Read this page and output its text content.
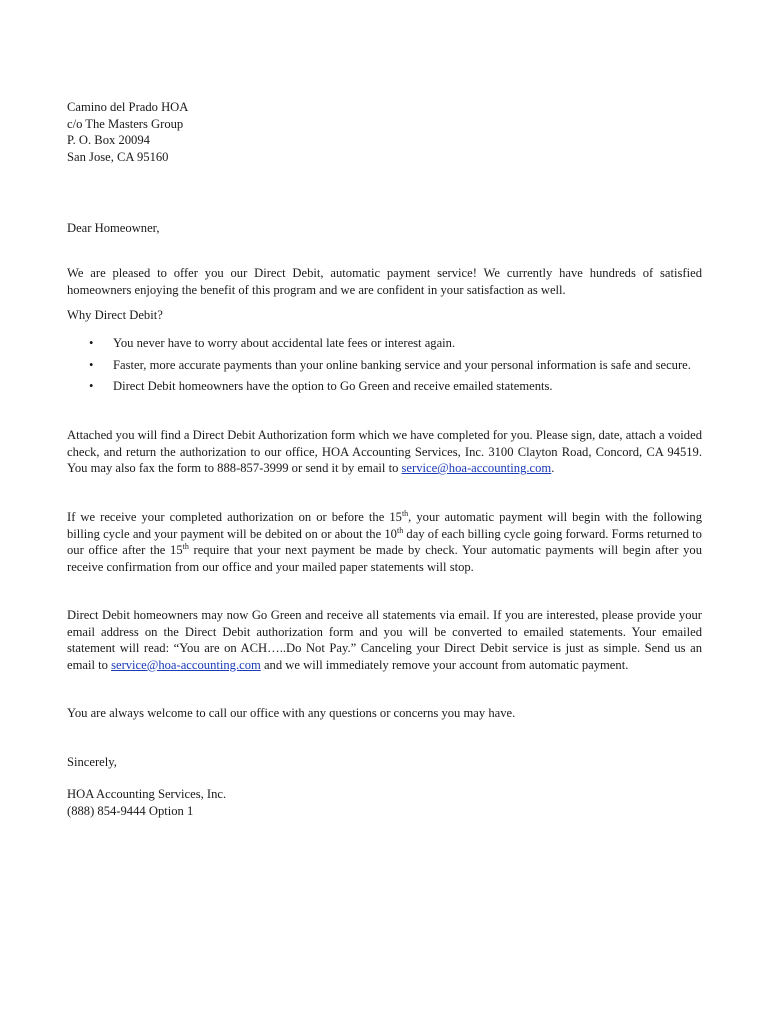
Camino del Prado HOA
c/o The Masters Group
P. O. Box 20094
San Jose, CA 95160

Dear Homeowner,

We are pleased to offer you our Direct Debit, automatic payment service! We currently have hundreds of satisfied homeowners enjoying the benefit of this program and we are confident in your satisfaction as well.

Why Direct Debit?

• You never have to worry about accidental late fees or interest again.
• Faster, more accurate payments than your online banking service and your personal information is safe and secure.
• Direct Debit homeowners have the option to Go Green and receive emailed statements.

Attached you will find a Direct Debit Authorization form which we have completed for you. Please sign, date, attach a voided check, and return the authorization to our office, HOA Accounting Services, Inc. 3100 Clayton Road, Concord, CA 94519. You may also fax the form to 888-857-3999 or send it by email to service@hoa-accounting.com.

If we receive your completed authorization on or before the 15th, your automatic payment will begin with the following billing cycle and your payment will be debited on or about the 10th day of each billing cycle going forward. Forms returned to our office after the 15th require that your next payment be made by check. Your automatic payments will begin after you receive confirmation from our office and your mailed paper statements will stop.

Direct Debit homeowners may now Go Green and receive all statements via email. If you are interested, please provide your email address on the Direct Debit authorization form and you will be converted to emailed statements. Your emailed statement will read: “You are on ACH…..Do Not Pay.” Canceling your Direct Debit service is just as simple. Send us an email to service@hoa-accounting.com and we will immediately remove your account from automatic payment.

You are always welcome to call our office with any questions or concerns you may have.

Sincerely,

HOA Accounting Services, Inc.
(888) 854-9444 Option 1
